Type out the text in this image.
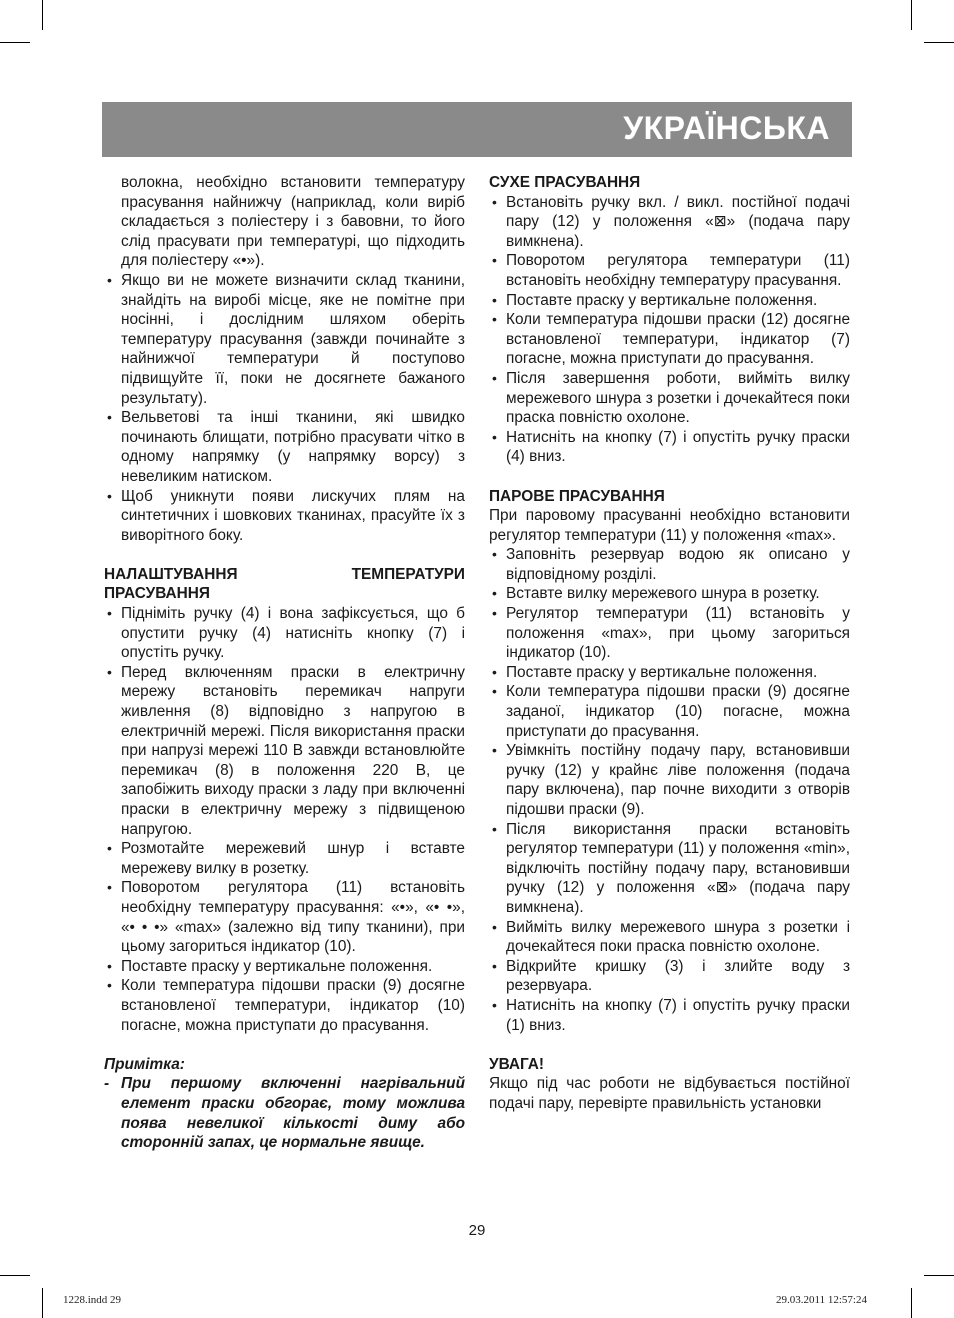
УКРАЇНСЬКА

волокна, необхідно встановити температуру прасування найнижчу (наприклад, коли виріб складається з поліестеру і з бавовни, то його слід прасувати при температурі, що підходить для поліестеру «•»).

• Якщо ви не можете визначити склад тканини, знайдіть на виробі місце, яке не помітне при носінні, і дослідним шляхом оберіть температуру прасування (завжди починайте з найнижчої температури й поступово підвищуйте її, поки не досягнете бажаного результату).
• Вельветові та інші тканини, які швидко починають блищати, потрібно прасувати чітко в одному напрямку (у напрямку ворсу) з невеликим натиском.
• Щоб уникнути появи лискучих плям на синтетичних і шовкових тканинах, прасуйте їх з виворітного боку.

НАЛАШТУВАННЯ ТЕМПЕРАТУРИ ПРАСУВАННЯ

• Підніміть ручку (4) і вона зафіксується, що б опустити ручку (4) натисніть кнопку (7) і опустіть ручку.
• Перед включенням праски в електричну мережу встановіть перемикач напруги живлення (8) відповідно з напругою в електричній мережі. Після використання праски при напрузі мережі 110 В завжди встановлюйте перемикач (8) в положення 220 В, це запобіжить виходу праски з ладу при включенні праски в електричну мережу з підвищеною напругою.
• Розмотайте мережевий шнур і вставте мережеву вилку в розетку.
• Поворотом регулятора (11) встановіть необхідну температуру прасування: «•», «• •», «• • •» «max» (залежно від типу тканини), при цьому загориться індикатор (10).
• Поставте праску у вертикальне положення.
• Коли температура підошви праски (9) досягне встановленої температури, індикатор (10) погасне, можна приступати до прасування.

Примітка:

- При першому включенні нагрівальний елемент праски обгорає, тому можлива поява невеликої кількості диму або сторонній запах, це нормальне явище.

СУХЕ ПРАСУВАННЯ

• Встановіть ручку вкл. / викл. постійної подачі пару (12) у положення «⊠» (подача пару вимкнена).
• Поворотом регулятора температури (11) встановіть необхідну температуру прасування.
• Поставте праску у вертикальне положення.
• Коли температура підошви праски (12) досягне встановленої температури, індикатор (7) погасне, можна приступати до прасування.
• Після завершення роботи, вийміть вилку мережевого шнура з розетки і дочекайтеся поки праска повністю охолоне.
• Натисніть на кнопку (7) і опустіть ручку праски (4) вниз.

ПАРОВЕ ПРАСУВАННЯ

При паровому прасуванні необхідно встановити регулятор температури (11) у положення «max».

• Заповніть резервуар водою як описано у відповідному розділі.
• Вставте вилку мережевого шнура в розетку.
• Регулятор температури (11) встановіть у положення «max», при цьому загориться індикатор (10).
• Поставте праску у вертикальне положення.
• Коли температура підошви праски (9) досягне заданої, індикатор (10) погасне, можна приступати до прасування.
• Увімкніть постійну подачу пару, встановивши ручку (12) у крайнє ліве положення (подача пару включена), пар почне виходити з отворів підошви праски (9).
• Після використання праски встановіть регулятор температури (11) у положення «min», відключіть постійну подачу пару, встановивши ручку (12) у положення «⊠» (подача пару вимкнена).
• Вийміть вилку мережевого шнура з розетки і дочекайтеся поки праска повністю охолоне.
• Відкрийте кришку (3) і злийте воду з резервуара.
• Натисніть на кнопку (7) і опустіть ручку праски (1) вниз.

УВАГА!

Якщо під час роботи не відбувається постійної подачі пару, перевірте правильність установки

29
1228.indd 29	29.03.2011 12:57:24
